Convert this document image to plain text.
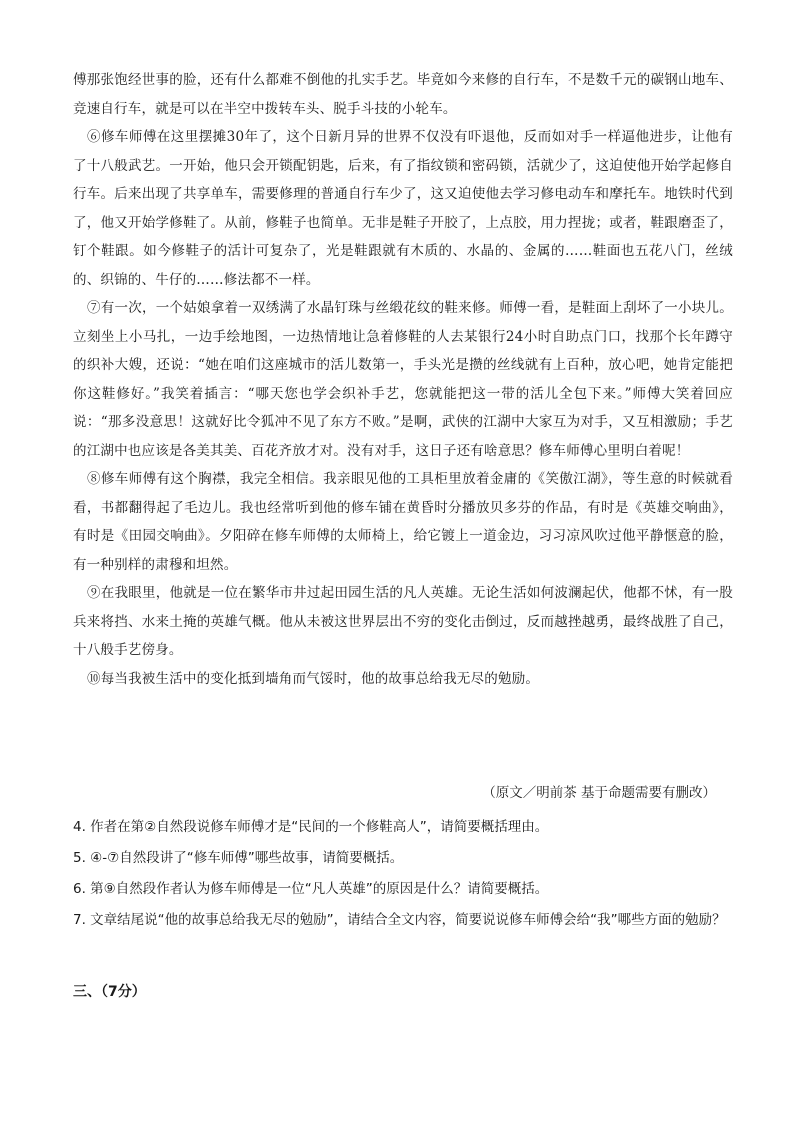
傅那张饱经世事的脸，还有什么都难不倒他的扎实手艺。毕竟如今来修的自行车，不是数千元的碳钢山地车、竞速自行车，就是可以在半空中拨转车头、脱手斗技的小轮车。

⑥修车师傅在这里摆摊30年了，这个日新月异的世界不仅没有吓退他，反而如对手一样逼他进步，让他有了十八般武艺。一开始，他只会开锁配钥匙，后来，有了指纹锁和密码锁，活就少了，这迫使他开始学起修自行车。后来出现了共享单车，需要修理的普通自行车少了，这又迫使他去学习修电动车和摩托车。地铁时代到了，他又开始学修鞋了。从前，修鞋子也简单。无非是鞋子开胶了，上点胶，用力捏拢；或者，鞋跟磨歪了，钉个鞋跟。如今修鞋子的活计可复杂了，光是鞋跟就有木质的、水晶的、金属的……鞋面也五花八门，丝绒的、织锦的、牛仔的……修法都不一样。

⑦有一次，一个姑娘拿着一双绣满了水晶钉珠与丝缎花纹的鞋来修。师傅一看，是鞋面上刮坏了一小块儿。立刻坐上小马扎，一边手绘地图，一边热情地让急着修鞋的人去某银行24小时自助点门口，找那个长年蹲守的织补大嫂，还说：“她在咱们这座城市的活儿数第一，手头光是攒的丝线就有上百种，放心吧，她肯定能把你这鞋修好。”我笑着插言：“哪天您也学会织补手艺，您就能把这一带的活儿全包下来。”师傅大笑着回应说：“那多没意思！这就好比令狐冲不见了东方不败。”是啊，武侠的江湖中大家互为对手，又互相激励；手艺的江湖中也应该是各美其美、百花齐放才对。没有对手，这日子还有啥意思？修车师傅心里明白着呢！

⑧修车师傅有这个胸襟，我完全相信。我亲眼见他的工具柜里放着金庸的《笑傲江湖》，等生意的时候就看看，书都翻得起了毛边儿。我也经常听到他的修车铺在黄昏时分播放贝多芬的作品，有时是《英雄交响曲》，有时是《田园交响曲》。夕阳碎在修车师傅的太师椅上，给它镀上一道金边，习习凉风吹过他平静惬意的脸，有一种别样的肃穆和坦然。

⑨在我眼里，他就是一位在繁华市井过起田园生活的凡人英雄。无论生活如何波澜起伏，他都不怵，有一股兵来将挡、水来土掩的英雄气概。他从未被这世界层出不穷的变化击倒过，反而越挫越勇，最终战胜了自己，十八般手艺傍身。

⑩每当我被生活中的变化抵到墙角而气馁时，他的故事总给我无尽的勉励。

（原文／明前茶 基于命题需要有删改）

4. 作者在第②自然段说修车师傅才是“民间的一个修鞋高人”，请简要概括理由。

5. ④-⑦自然段讲了“修车师傅”哪些故事，请简要概括。

6. 第⑨自然段作者认为修车师傅是一位“凡人英雄”的原因是什么？请简要概括。

7. 文章结尾说“他的故事总给我无尽的勉励”，请结合全文内容，简要说说修车师傅会给“我”哪些方面的勉励？

三、（7分）
